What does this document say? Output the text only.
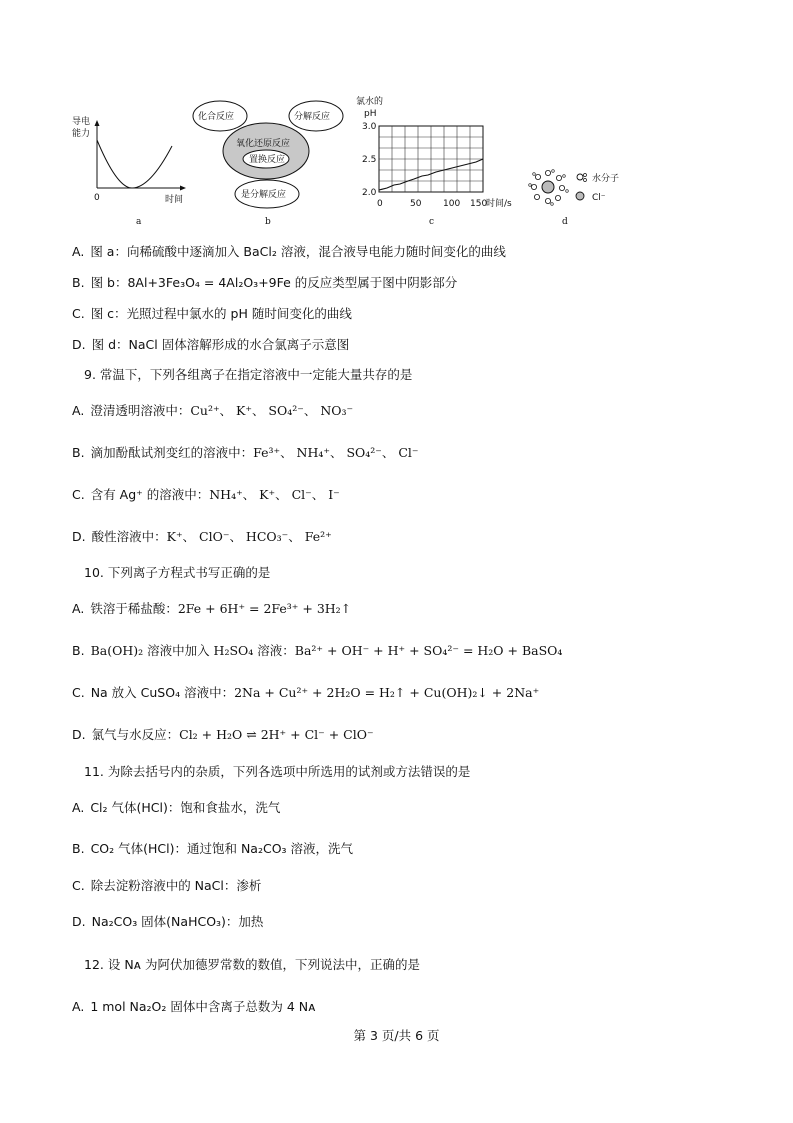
导电
能力
0	时间
a
化合反应	分解反应
氧化还原反应
置换反应
是分解反应
b
氯水的
pH
3.0
2.5
2.0
0	50 100 150
时间/s
c
水分子
Cl⁻
d
A. 图 a：向稀硫酸中逐滴加入 BaCl₂ 溶液，混合液导电能力随时间变化的曲线
B. 图 b：8Al+3Fe₃O₄ = 4Al₂O₃+9Fe 的反应类型属于图中阴影部分
C. 图 c：光照过程中氯水的 pH 随时间变化的曲线
D. 图 d：NaCl 固体溶解形成的水合氯离子示意图
9. 常温下，下列各组离子在指定溶液中一定能大量共存的是
A. 澄清透明溶液中：Cu²⁺、 K⁺、 SO₄²⁻、 NO₃⁻
B. 滴加酚酞试剂变红的溶液中：Fe³⁺、 NH₄⁺、 SO₄²⁻、 Cl⁻
C. 含有 Ag⁺ 的溶液中：NH₄⁺、 K⁺、 Cl⁻、 I⁻
D. 酸性溶液中：K⁺、 ClO⁻、 HCO₃⁻、 Fe²⁺
10. 下列离子方程式书写正确的是
A. 铁溶于稀盐酸：2Fe + 6H⁺ = 2Fe³⁺ + 3H₂↑
B. Ba(OH)₂ 溶液中加入 H₂SO₄ 溶液：Ba²⁺ + OH⁻ + H⁺ + SO₄²⁻ = H₂O + BaSO₄
C. Na 放入 CuSO₄ 溶液中：2Na + Cu²⁺ + 2H₂O = H₂↑ + Cu(OH)₂↓ + 2Na⁺
D. 氯气与水反应：Cl₂ + H₂O ⇌ 2H⁺ + Cl⁻ + ClO⁻
11. 为除去括号内的杂质，下列各选项中所选用的试剂或方法错误的是
A. Cl₂ 气体(HCl)：饱和食盐水，洗气
B. CO₂ 气体(HCl)：通过饱和 Na₂CO₃ 溶液，洗气
C. 除去淀粉溶液中的 NaCl：渗析
D. Na₂CO₃ 固体(NaHCO₃)：加热
12. 设 Nᴀ 为阿伏加德罗常数的数值，下列说法中，正确的是
A. 1 mol Na₂O₂ 固体中含离子总数为 4 Nᴀ
第 3 页/共 6 页
